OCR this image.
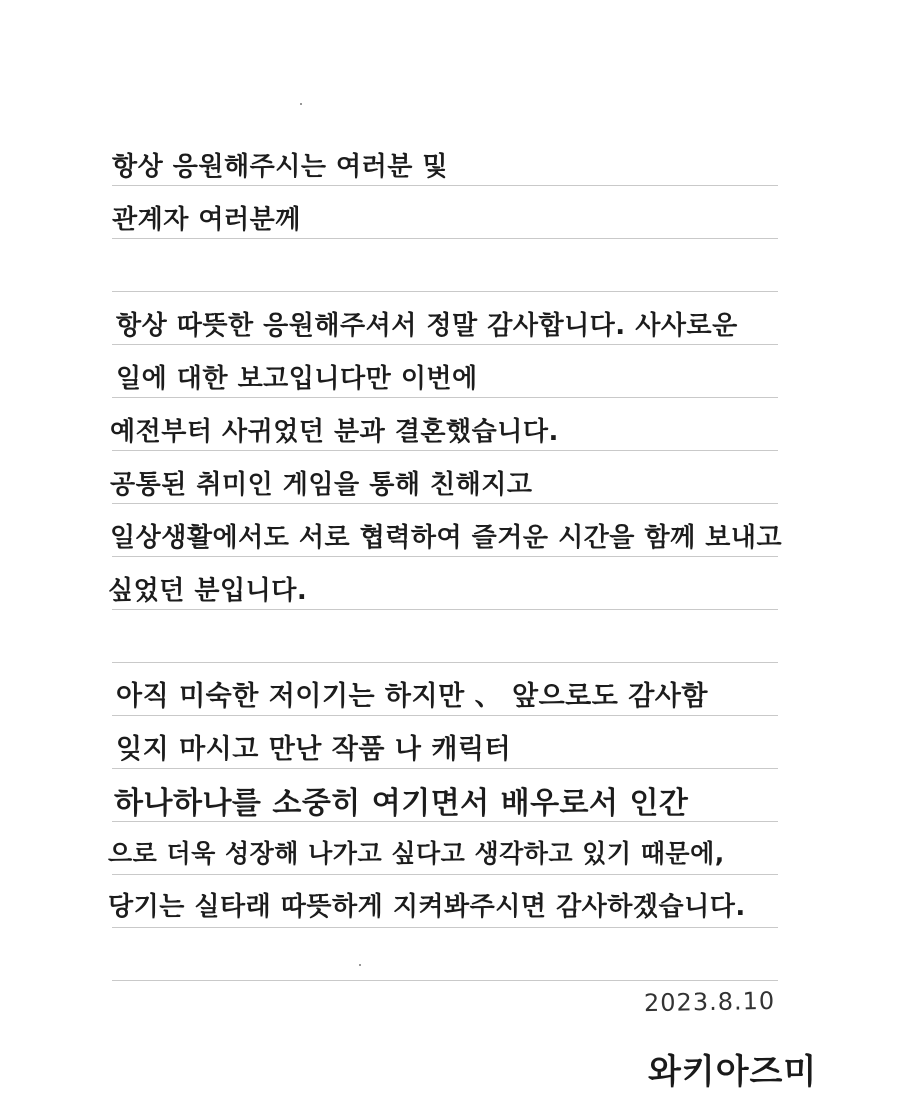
항상 응원해주시는 여러분 및
관계자 여러분께
항상 따뜻한 응원해주셔서 정말 감사합니다. 사사로운
일에 대한 보고입니다만 이번에
예전부터 사귀었던 분과 결혼했습니다.
공통된 취미인 게임을 통해 친해지고
일상생활에서도 서로 협력하여 즐거운 시간을 함께 보내고
싶었던 분입니다.
아직 미숙한 저이기는 하지만 、 앞으로도 감사함
잊지 마시고 만난 작품 나 캐릭터
하나하나를 소중히 여기면서 배우로서 인간
으로 더욱 성장해 나가고 싶다고 생각하고 있기 때문에,
당기는 실타래 따뜻하게 지켜봐주시면 감사하겠습니다.
2023.8.10
와키아즈미
